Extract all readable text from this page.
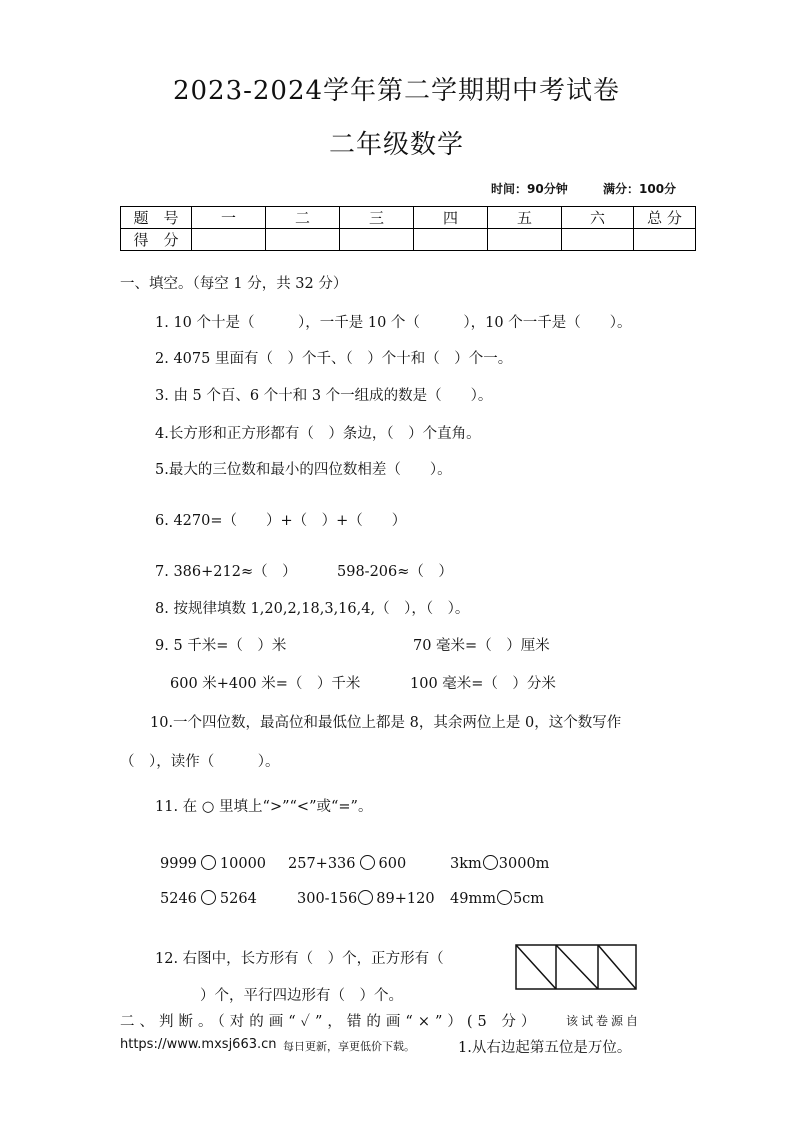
2023-2024学年第二学期期中考试卷
二年级数学
时间：90分钟	满分：100分
题　号	一	二	三	四	五	六	总 分
得　分							
一、填空。（每空 1 分，共 32 分）
1. 10 个十是（　　　），一千是 10 个（　　　），10 个一千是（　　）。
2. 4075 里面有（　）个千、（　）个十和（　）个一。
3. 由 5 个百、6 个十和 3 个一组成的数是（　　）。
4.长方形和正方形都有（　）条边，（　）个直角。
5.最大的三位数和最小的四位数相差（　　）。
6. 4270=（　　）+（　）+（　　）
7. 386+212≈（　）	598-206≈（　）
8. 按规律填数 1,20,2,18,3,16,4,（　），（　）。
9. 5 千米=（　）米	70 毫米=（　）厘米
600 米+400 米=（　）千米	100 毫米=（　）分米
10.一个四位数，最高位和最低位上都是 8，其余两位上是 0，这个数写作
（　），读作（　　　）。
11. 在 ○ 里填上“>”“<”或“=”。
9999 10000 257+336 600	3km 3000m
5246 5264	300-156 89+120 49mm 5cm
12. 右图中，长方形有（　）个，正方形有（
）个，平行四边形有（　）个。
二、判断。（对的画“✓”，错的画“×”）(5 分） 该试卷源自
https://www.mxsj663.cn 每日更新，享更低价下载。	1.从右边起第五位是万位。
